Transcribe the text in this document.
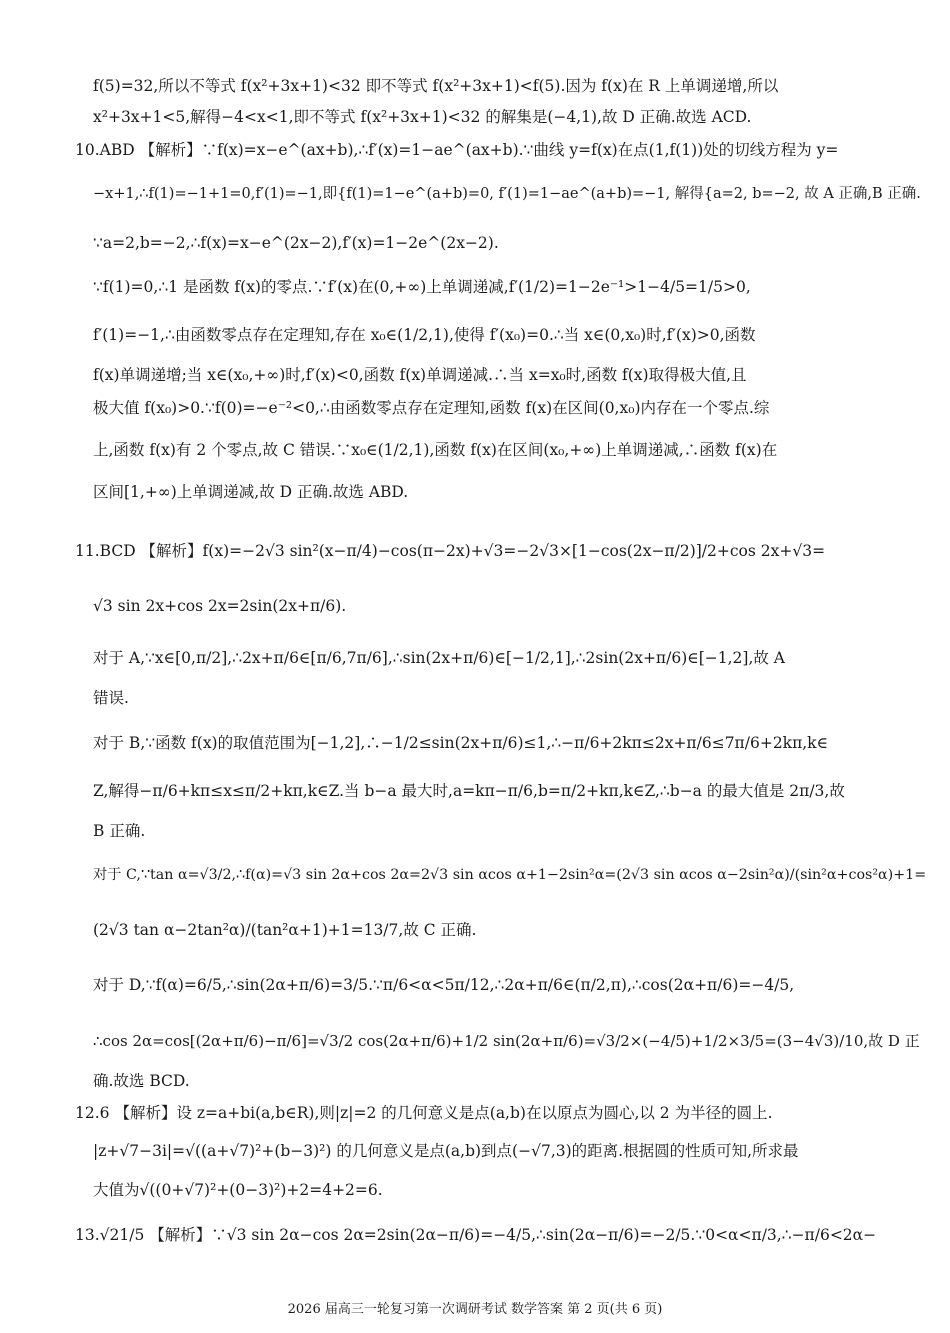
f(5)=32,所以不等式 f(x²+3x+1)<32 即不等式 f(x²+3x+1)<f(5).因为 f(x)在 R 上单调递增,所以
x²+3x+1<5,解得−4<x<1,即不等式 f(x²+3x+1)<32 的解集是(−4,1),故 D 正确.故选 ACD.
10.ABD 【解析】∵f(x)=x−e^(ax+b),∴f′(x)=1−ae^(ax+b).∵曲线 y=f(x)在点(1,f(1))处的切线方程为 y=
−x+1,∴f(1)=−1+1=0,f′(1)=−1,即{f(1)=1−e^(a+b)=0, f′(1)=1−ae^(a+b)=−1, 解得{a=2, b=−2, 故 A 正确,B 正确.
∵a=2,b=−2,∴f(x)=x−e^(2x−2),f′(x)=1−2e^(2x−2).
∵f(1)=0,∴1 是函数 f(x)的零点.∵f′(x)在(0,+∞)上单调递减,f′(1/2)=1−2e⁻¹>1−4/5=1/5>0,
f′(1)=−1,∴由函数零点存在定理知,存在 x₀∈(1/2,1),使得 f′(x₀)=0.∴当 x∈(0,x₀)时,f′(x)>0,函数
f(x)单调递增;当 x∈(x₀,+∞)时,f′(x)<0,函数 f(x)单调递减.∴当 x=x₀时,函数 f(x)取得极大值,且
极大值 f(x₀)>0.∵f(0)=−e⁻²<0,∴由函数零点存在定理知,函数 f(x)在区间(0,x₀)内存在一个零点.综
上,函数 f(x)有 2 个零点,故 C 错误.∵x₀∈(1/2,1),函数 f(x)在区间(x₀,+∞)上单调递减,∴函数 f(x)在
区间[1,+∞)上单调递减,故 D 正确.故选 ABD.
11.BCD 【解析】f(x)=−2√3 sin²(x−π/4)−cos(π−2x)+√3=−2√3×[1−cos(2x−π/2)]/2+cos 2x+√3=
√3 sin 2x+cos 2x=2sin(2x+π/6).
对于 A,∵x∈[0,π/2],∴2x+π/6∈[π/6,7π/6],∴sin(2x+π/6)∈[−1/2,1],∴2sin(2x+π/6)∈[−1,2],故 A
错误.
对于 B,∵函数 f(x)的取值范围为[−1,2],∴−1/2≤sin(2x+π/6)≤1,∴−π/6+2kπ≤2x+π/6≤7π/6+2kπ,k∈
Z,解得−π/6+kπ≤x≤π/2+kπ,k∈Z.当 b−a 最大时,a=kπ−π/6,b=π/2+kπ,k∈Z,∴b−a 的最大值是 2π/3,故
B 正确.
对于 C,∵tan α=√3/2,∴f(α)=√3 sin 2α+cos 2α=2√3 sin αcos α+1−2sin²α=(2√3 sin αcos α−2sin²α)/(sin²α+cos²α)+1=
(2√3 tan α−2tan²α)/(tan²α+1)+1=13/7,故 C 正确.
对于 D,∵f(α)=6/5,∴sin(2α+π/6)=3/5.∵π/6<α<5π/12,∴2α+π/6∈(π/2,π),∴cos(2α+π/6)=−4/5,
∴cos 2α=cos[(2α+π/6)−π/6]=√3/2 cos(2α+π/6)+1/2 sin(2α+π/6)=√3/2×(−4/5)+1/2×3/5=(3−4√3)/10,故 D 正
确.故选 BCD.
12.6 【解析】设 z=a+bi(a,b∈R),则|z|=2 的几何意义是点(a,b)在以原点为圆心,以 2 为半径的圆上.
|z+√7−3i|=√((a+√7)²+(b−3)²) 的几何意义是点(a,b)到点(−√7,3)的距离.根据圆的性质可知,所求最
大值为√((0+√7)²+(0−3)²)+2=4+2=6.
13.√21/5 【解析】∵√3 sin 2α−cos 2α=2sin(2α−π/6)=−4/5,∴sin(2α−π/6)=−2/5.∵0<α<π/3,∴−π/6<2α−
2026 届高三一轮复习第一次调研考试 数学答案 第 2 页(共 6 页)
